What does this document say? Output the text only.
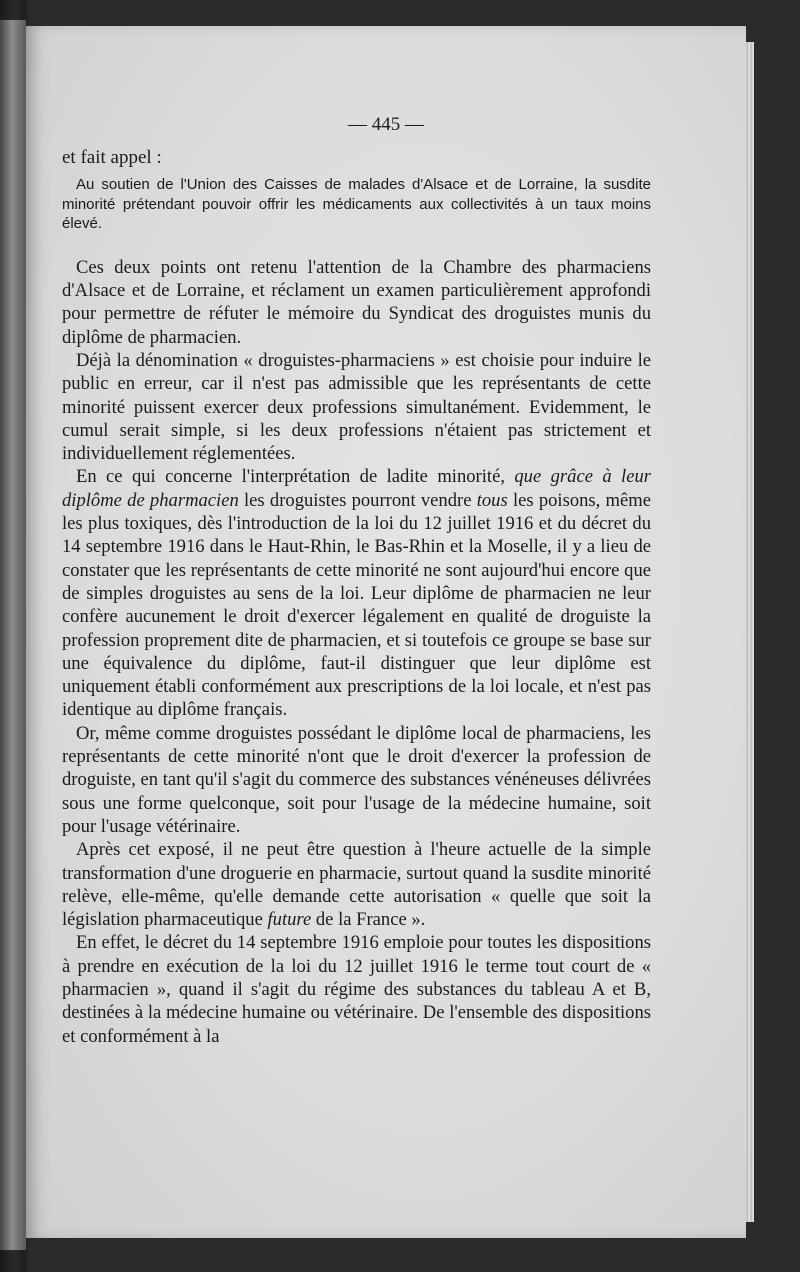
— 445 —

et fait appel :

Au soutien de l'Union des Caisses de malades d'Alsace et de Lorraine, la susdite minorité prétendant pouvoir offrir les médicaments aux collectivités à un taux moins élevé.

Ces deux points ont retenu l'attention de la Chambre des pharmaciens d'Alsace et de Lorraine, et réclament un examen particulièrement approfondi pour permettre de réfuter le mémoire du Syndicat des droguistes munis du diplôme de pharmacien.

Déjà la dénomination « droguistes-pharmaciens » est choisie pour induire le public en erreur, car il n'est pas admissible que les représentants de cette minorité puissent exercer deux professions simultanément. Evidemment, le cumul serait simple, si les deux professions n'étaient pas strictement et individuellement réglementées.

En ce qui concerne l'interprétation de ladite minorité, que grâce à leur diplôme de pharmacien les droguistes pourront vendre tous les poisons, même les plus toxiques, dès l'introduction de la loi du 12 juillet 1916 et du décret du 14 septembre 1916 dans le Haut-Rhin, le Bas-Rhin et la Moselle, il y a lieu de constater que les représentants de cette minorité ne sont aujourd'hui encore que de simples droguistes au sens de la loi. Leur diplôme de pharmacien ne leur confère aucunement le droit d'exercer légalement en qualité de droguiste la profession proprement dite de pharmacien, et si toutefois ce groupe se base sur une équivalence du diplôme, faut-il distinguer que leur diplôme est uniquement établi conformément aux prescriptions de la loi locale, et n'est pas identique au diplôme français.

Or, même comme droguistes possédant le diplôme local de pharmaciens, les représentants de cette minorité n'ont que le droit d'exercer la profession de droguiste, en tant qu'il s'agit du commerce des substances vénéneuses délivrées sous une forme quelconque, soit pour l'usage de la médecine humaine, soit pour l'usage vétérinaire.

Après cet exposé, il ne peut être question à l'heure actuelle de la simple transformation d'une droguerie en pharmacie, surtout quand la susdite minorité relève, elle-même, qu'elle demande cette autorisation « quelle que soit la législation pharmaceutique future de la France ».

En effet, le décret du 14 septembre 1916 emploie pour toutes les dispositions à prendre en exécution de la loi du 12 juillet 1916 le terme tout court de « pharmacien », quand il s'agit du régime des substances du tableau A et B, destinées à la médecine humaine ou vétérinaire. De l'ensemble des dispositions et conformément à la
